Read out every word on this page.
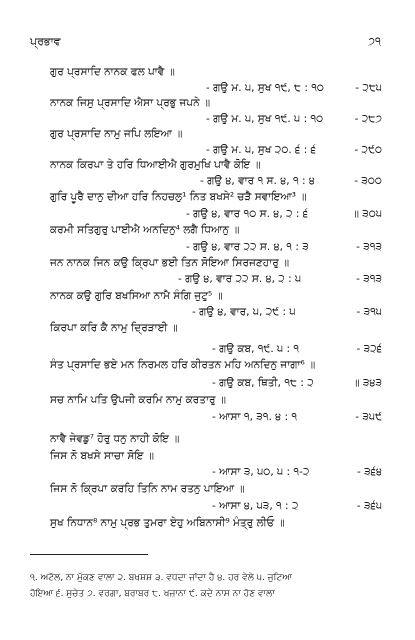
ਪ੍ਰਭਾਵ	੭੧
ਗੁਰ ਪ੍ਰਸਾਦਿ ਨਾਨਕ ਫਲ ਪਾਵੈ ॥
- ਗਉ ਮ. ੫, ਸੁਖ ੧੯, ੮ : ੧੦	- ੨੮੫
ਨਾਨਕ ਜਿਸੁ ਪ੍ਰਸਾਦਿ ਐਸਾ ਪ੍ਰਭੁ ਜਪਨੇ ॥
- ਗਉ ਮ. ੫, ਸੁਖ ੧੯. ੫ : ੧੦	- ੨੮੭
ਗੁਰ ਪ੍ਰਸਾਦਿ ਨਾਮੁ ਜਪਿ ਲਇਆ ॥
- ਗਉ ਮ. ੫, ਸੁਖ ੨੦. ੬ : ੬	- ੨੯੦
ਨਾਨਕ ਕਿਰਪਾ ਤੇ ਹਰਿ ਧਿਆਈਐ ਗੁਰਮੁਖਿ ਪਾਵੈ ਕੋਇ ॥
- ਗਉ ੪, ਵਾਰ ੧ ਸ. ੪, ੧ : ੪	- ੩੦੦
ਗੁਰਿ ਪੂਰੈ ਦਾਨੁ ਦੀਆ ਹਰਿ ਨਿਹਚਲੁ¹ ਨਿਤ ਬਖਸੇ² ਚੜੈ ਸਵਾਇਆ³ ॥
- ਗਉ ੪, ਵਾਰ ੧੦ ਸ. ੪, ੨ : ੬	॥ ੩੦੫
ਕਰਮੀ ਸਤਿਗੁਰੁ ਪਾਈਐ ਅਨਦਿਨੁ⁴ ਲਗੈ ਧਿਆਨੁ ॥
- ਗਉ ੪, ਵਾਰ ੨੨ ਸ. ੪, ੧ : ੩	- ੩੧੩
ਜਨ ਨਾਨਕ ਜਿਨ ਕਉ ਕ੍ਰਿਪਾ ਭਈ ਤਿਨ ਸੋਇਆ ਸਿਰਜਣਹਾਰੁ ॥
- ਗਉ ੪, ਵਾਰ ੨੨ ਸ. ੪, ੨ : ੫	- ੩੧੩
ਨਾਨਕ ਕਉ ਗੁਰਿ ਬਖਸਿਆ ਨਾਮੈ ਸੰਗਿ ਜੁਟੁ⁵ ॥
- ਗਉ ੪, ਵਾਰ, ੫, ੨੯ : ੫	- ੩੧੫
ਕਿਰਪਾ ਕਰਿ ਕੈ ਨਾਮੁ ਦ੍ਰਿੜਾਈ ॥
- ਗਉ ਕਬ, ੧੯. ੫ : ੧	- ੩੨੬
ਸੰਤ ਪ੍ਰਸਾਦਿ ਭਏ ਮਨ ਨਿਰਮਲ ਹਰਿ ਕੀਰਤਨ ਮਹਿ ਅਨਦਿਨੁ ਜਾਗਾ⁶ ॥
- ਗਉ ਕਬ, ਥਿਤੀ, ੧੮ : ੨	॥ ੩੪੩
ਸਚ ਨਾਮਿ ਪਤਿ ਉਪਜੀ ਕਰਮਿ ਨਾਮੁ ਕਰਤਾਰੁ ॥
- ਆਸਾ ੧, ੩੧. ੪ : ੧	- ੩੫੯
ਨਾਵੈ ਜੇਵਡੁ⁷ ਹੋਰੁ ਧਨੁ ਨਾਹੀ ਕੋਇ ॥
ਜਿਸ ਨੋ ਬਖਸੇ ਸਾਚਾ ਸੋਇ ॥
- ਆਸਾ ੩, ੫੦, ੫ : ੧-੨	- ੩੬੪
ਜਿਸ ਨੋ ਕ੍ਰਿਪਾ ਕਰਹਿ ਤਿਨਿ ਨਾਮ ਰਤਨੁ ਪਾਇਆ ॥
- ਆਸਾ ੪, ੫੩, ੧ : ੨	- ੩੬੫
ਸੁਖ ਨਿਧਾਨ⁸ ਨਾਮੁ ਪ੍ਰਭ ਤੁਮਰਾ ਏਹੁ ਅਬਿਨਾਸੀ⁹ ਮੰਤ੍ਰੁ ਲੀਓ ॥
੧. ਅਟੱਲ, ਨਾ ਮੁੱਕਣ ਵਾਲਾ ੨. ਬਖਸ਼ਸ਼ ੩. ਵਧਦਾ ਜਾਂਦਾ ਹੈ ੪. ਹਰ ਵੇਲੇ ੫. ਜੁਟਿਆ
ਹੋਇਆ ੬. ਸੁਚੇਤ ੭. ਵਰਗਾ, ਬਰਾਬਰ ੮. ਖਜ਼ਾਨਾ ੯. ਕਦੇ ਨਾਸ ਨਾ ਹੋਣ ਵਾਲਾ
